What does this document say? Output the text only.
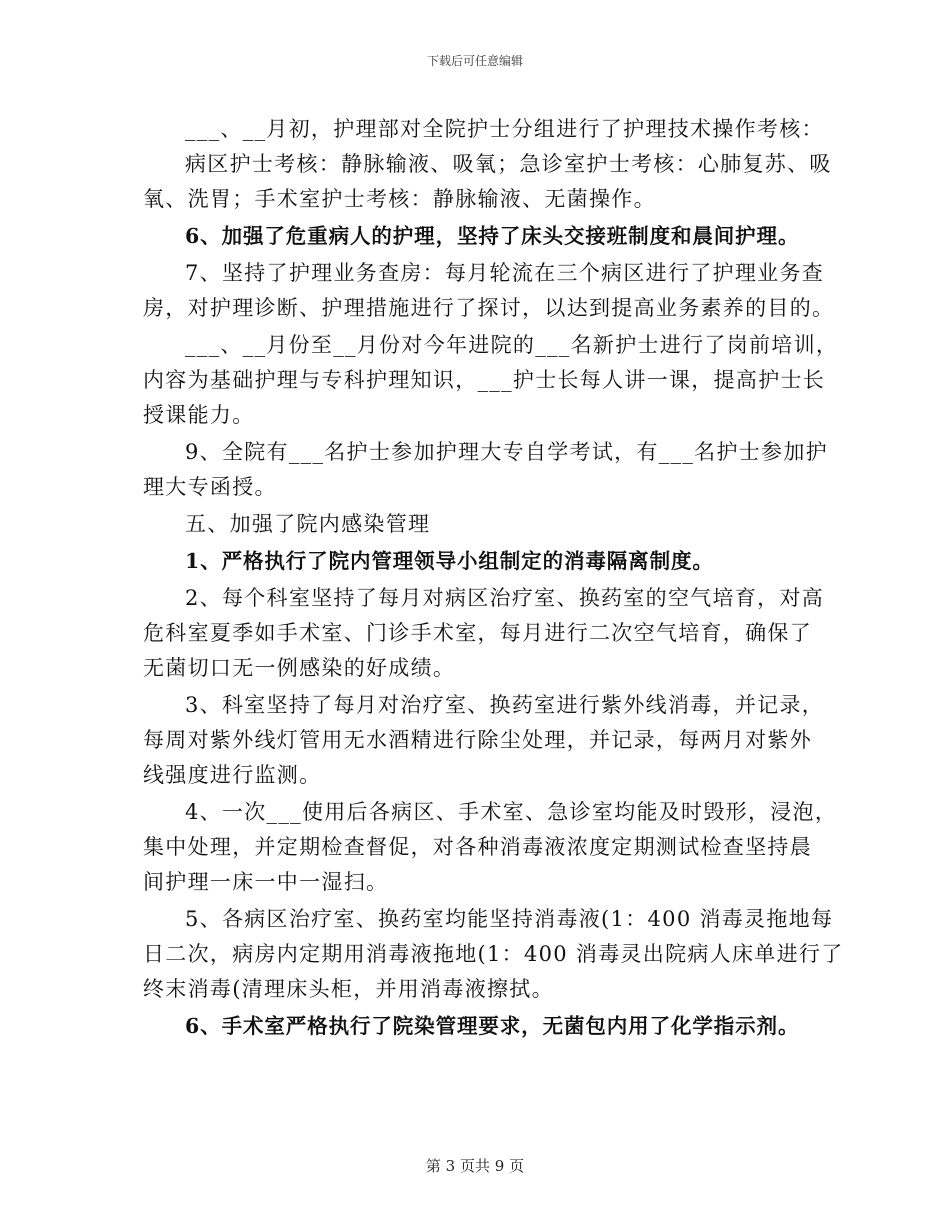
下载后可任意编辑
___、__月初，护理部对全院护士分组进行了护理技术操作考核：
病区护士考核：静脉输液、吸氧；急诊室护士考核：心肺复苏、吸
氧、洗胃；手术室护士考核：静脉输液、无菌操作。
6、加强了危重病人的护理，坚持了床头交接班制度和晨间护理。
7、坚持了护理业务查房：每月轮流在三个病区进行了护理业务查
房，对护理诊断、护理措施进行了探讨，以达到提高业务素养的目的。
___、__月份至__月份对今年进院的___名新护士进行了岗前培训，
内容为基础护理与专科护理知识，___护士长每人讲一课，提高护士长
授课能力。
9、全院有___名护士参加护理大专自学考试，有___名护士参加护
理大专函授。
五、加强了院内感染管理
1、严格执行了院内管理领导小组制定的消毒隔离制度。
2、每个科室坚持了每月对病区治疗室、换药室的空气培育，对高
危科室夏季如手术室、门诊手术室，每月进行二次空气培育，确保了
无菌切口无一例感染的好成绩。
3、科室坚持了每月对治疗室、换药室进行紫外线消毒，并记录，
每周对紫外线灯管用无水酒精进行除尘处理，并记录，每两月对紫外
线强度进行监测。
4、一次___使用后各病区、手术室、急诊室均能及时毁形，浸泡，
集中处理，并定期检查督促，对各种消毒液浓度定期测试检查坚持晨
间护理一床一中一湿扫。
5、各病区治疗室、换药室均能坚持消毒液(1：400 消毒灵拖地每
日二次，病房内定期用消毒液拖地(1：400 消毒灵出院病人床单进行了
终末消毒(清理床头柜，并用消毒液擦拭。
6、手术室严格执行了院染管理要求，无菌包内用了化学指示剂。
第 3 页共 9 页
